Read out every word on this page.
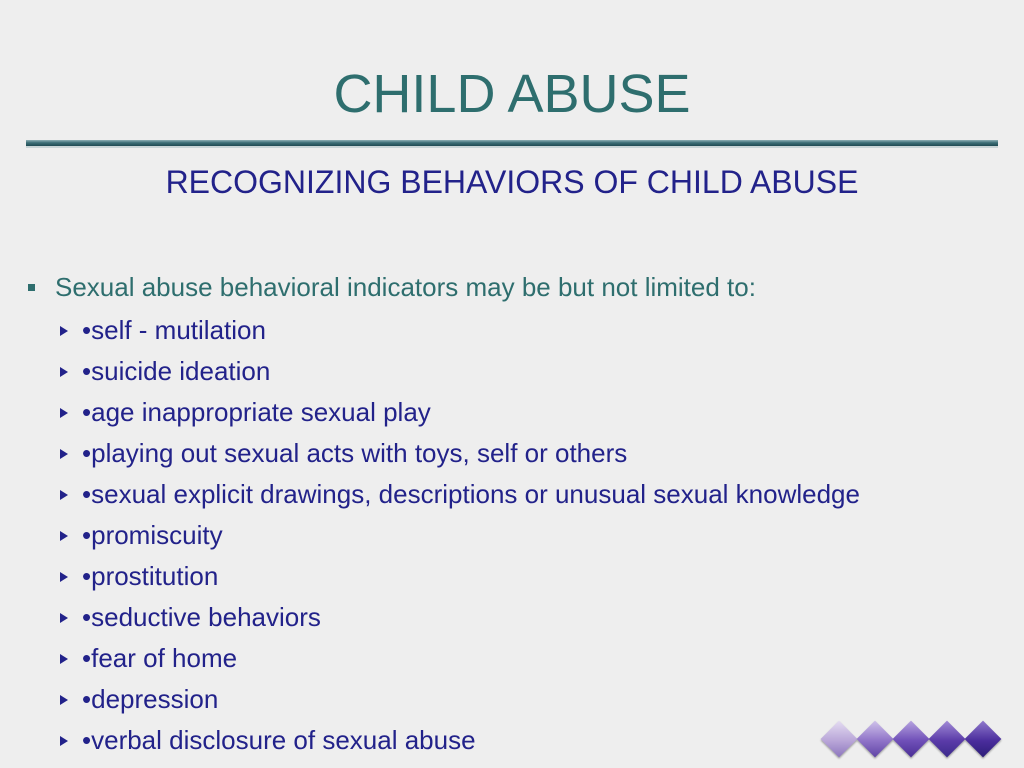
CHILD ABUSE
RECOGNIZING BEHAVIORS OF CHILD ABUSE
Sexual abuse behavioral indicators may be but not limited to:
•self - mutilation
•suicide ideation
•age inappropriate sexual play
•playing out sexual acts with toys, self or others
•sexual explicit drawings, descriptions or unusual sexual knowledge
•promiscuity
•prostitution
•seductive behaviors
•fear of home
•depression
•verbal disclosure of sexual abuse
